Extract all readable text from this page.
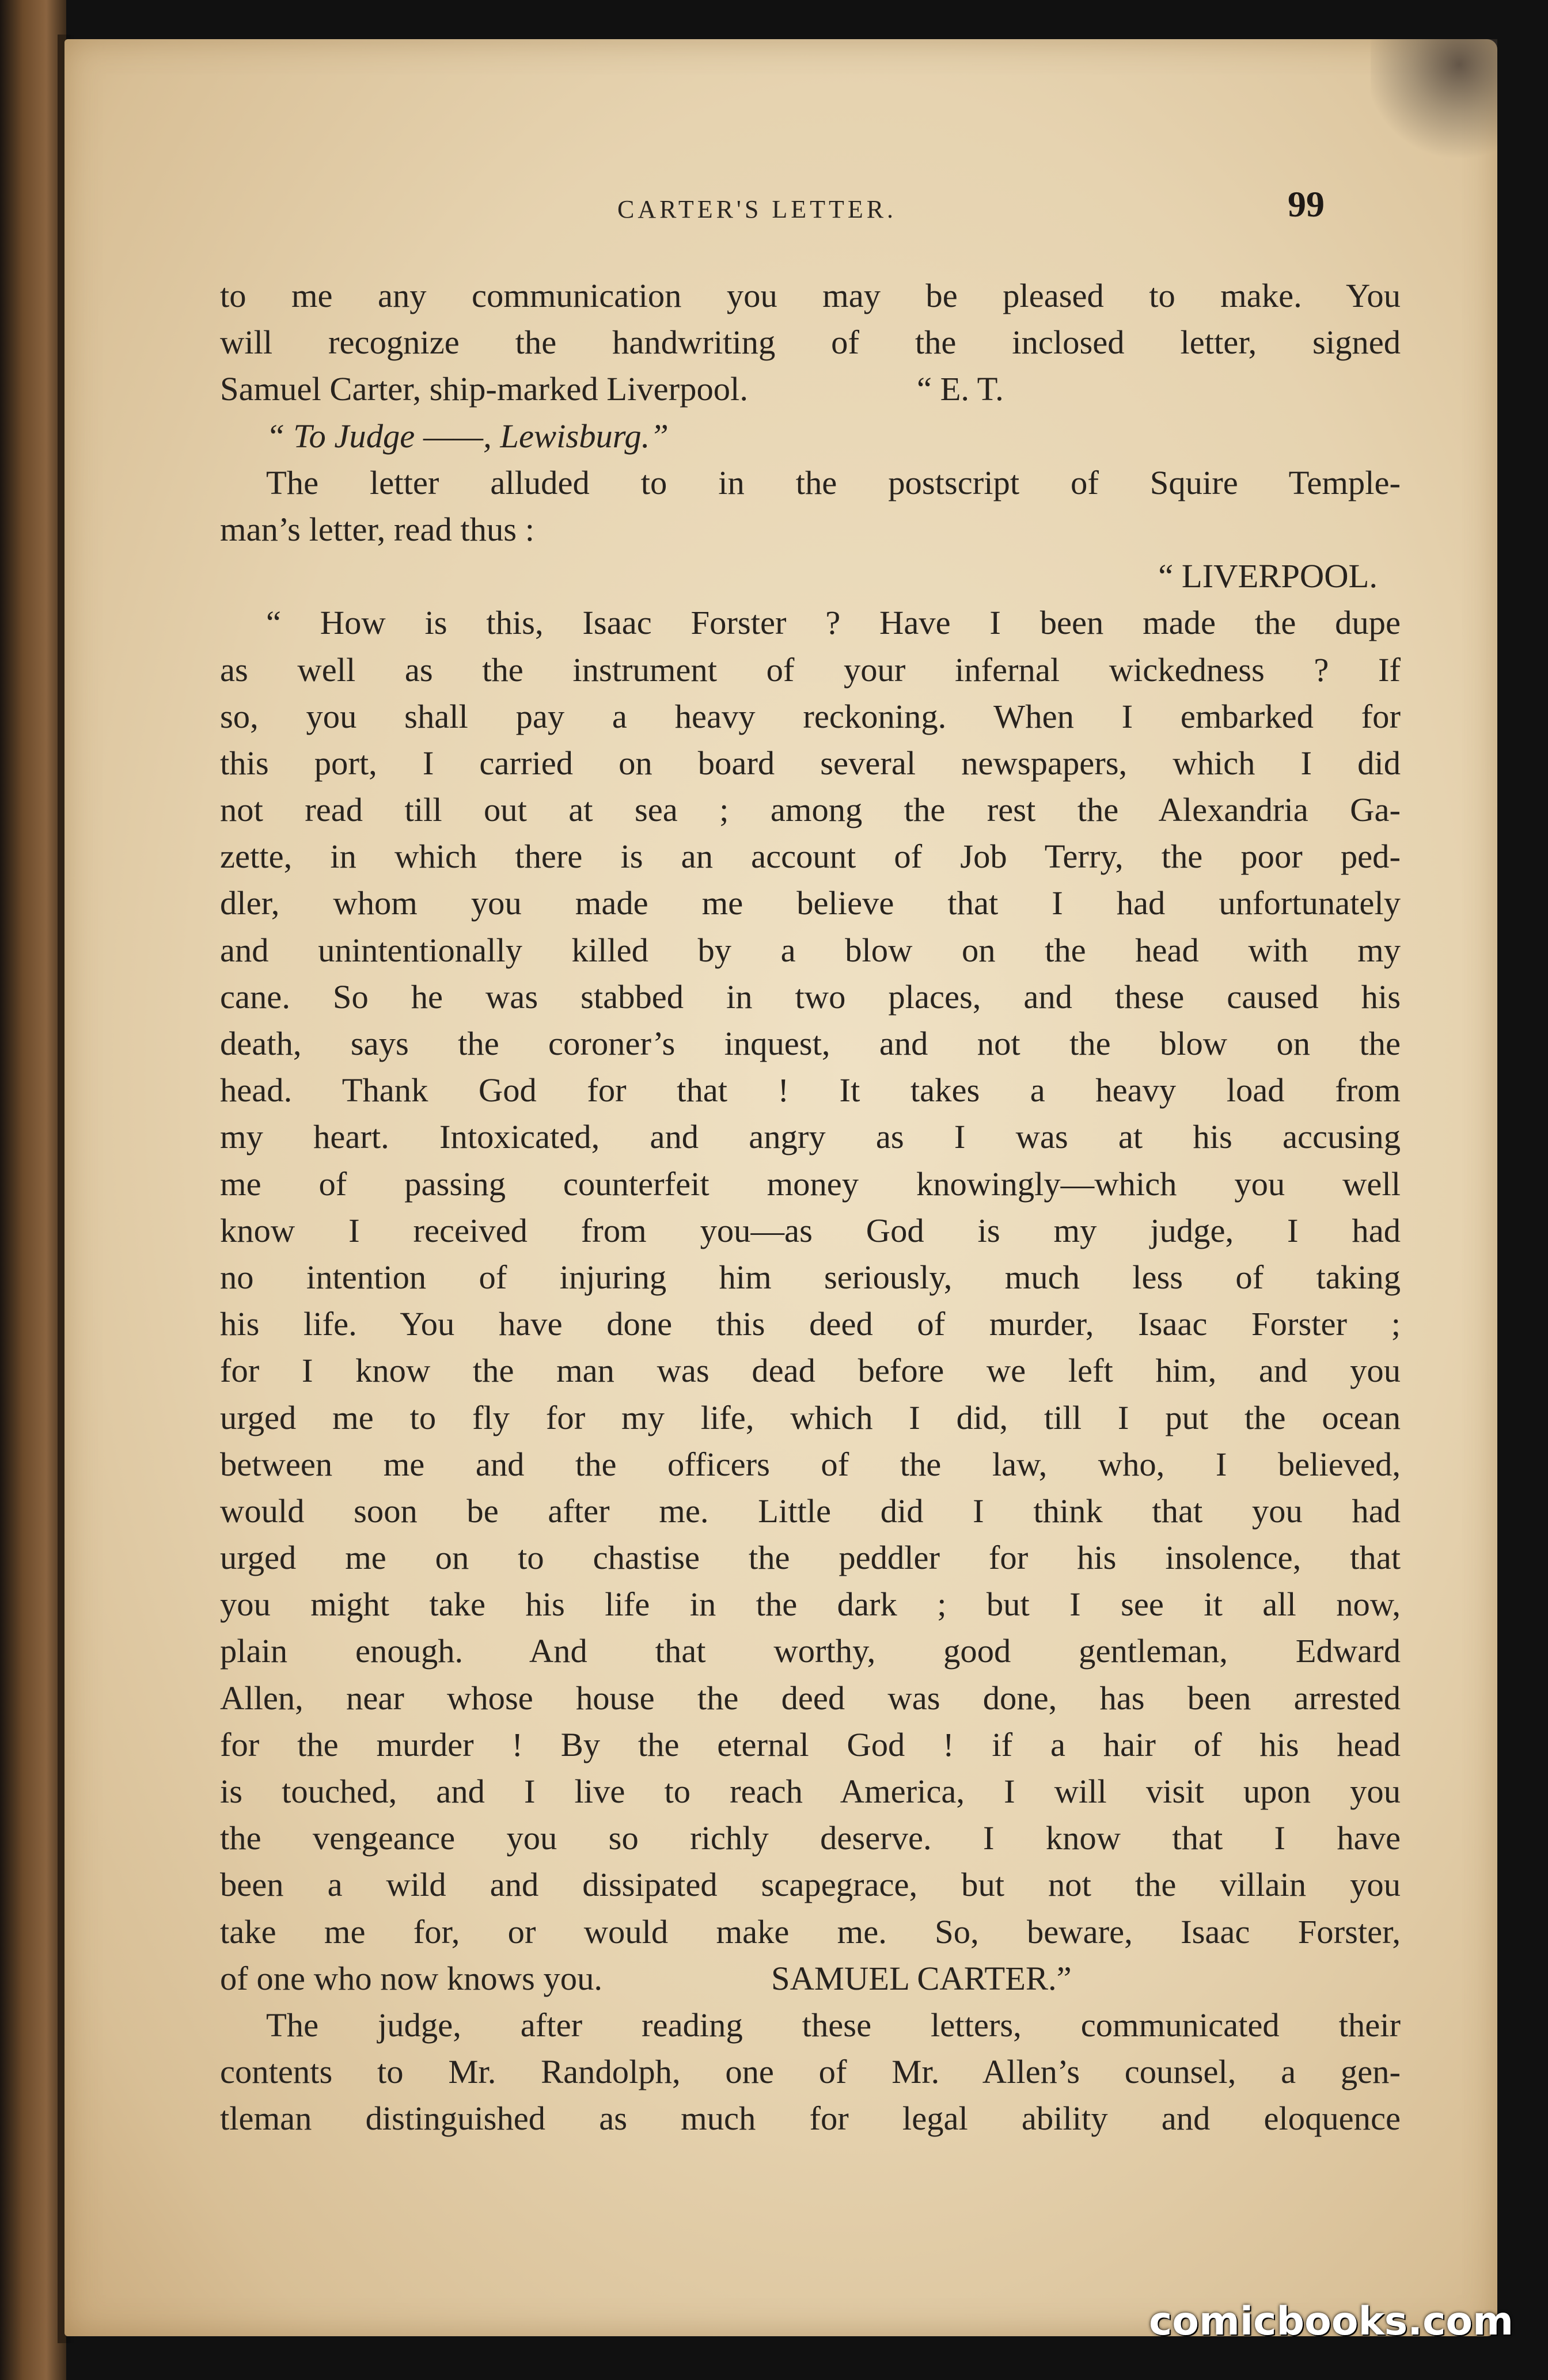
CARTER'S LETTER.	99
to me any communication you may be pleased to make. You
will recognize the handwriting of the inclosed letter, signed
Samuel Carter, ship-marked Liverpool.                    “ E. T.
“ To Judge ——, Lewisburg.”
The letter alluded to in the postscript of Squire Temple-
man’s letter, read thus :
“ LIVERPOOL.
“ How is this, Isaac Forster ? Have I been made the dupe
as well as the instrument of your infernal wickedness ? If
so, you shall pay a heavy reckoning. When I embarked for
this port, I carried on board several newspapers, which I did
not read till out at sea ; among the rest the Alexandria Ga-
zette, in which there is an account of Job Terry, the poor ped-
dler, whom you made me believe that I had unfortunately
and unintentionally killed by a blow on the head with my
cane. So he was stabbed in two places, and these caused his
death, says the coroner’s inquest, and not the blow on the
head. Thank God for that ! It takes a heavy load from
my heart. Intoxicated, and angry as I was at his accusing
me of passing counterfeit money knowingly—which you well
know I received from you—as God is my judge, I had
no intention of injuring him seriously, much less of taking
his life. You have done this deed of murder, Isaac Forster ;
for I know the man was dead before we left him, and you
urged me to fly for my life, which I did, till I put the ocean
between me and the officers of the law, who, I believed,
would soon be after me. Little did I think that you had
urged me on to chastise the peddler for his insolence, that
you might take his life in the dark ; but I see it all now,
plain enough. And that worthy, good gentleman, Edward
Allen, near whose house the deed was done, has been arrested
for the murder ! By the eternal God ! if a hair of his head
is touched, and I live to reach America, I will visit upon you
the vengeance you so richly deserve. I know that I have
been a wild and dissipated scapegrace, but not the villain you
take me for, or would make me. So, beware, Isaac Forster,
of one who now knows you.                    SAMUEL CARTER.”
The judge, after reading these letters, communicated their
contents to Mr. Randolph, one of Mr. Allen’s counsel, a gen-
tleman distinguished as much for legal ability and eloquence
comicbooks.com
